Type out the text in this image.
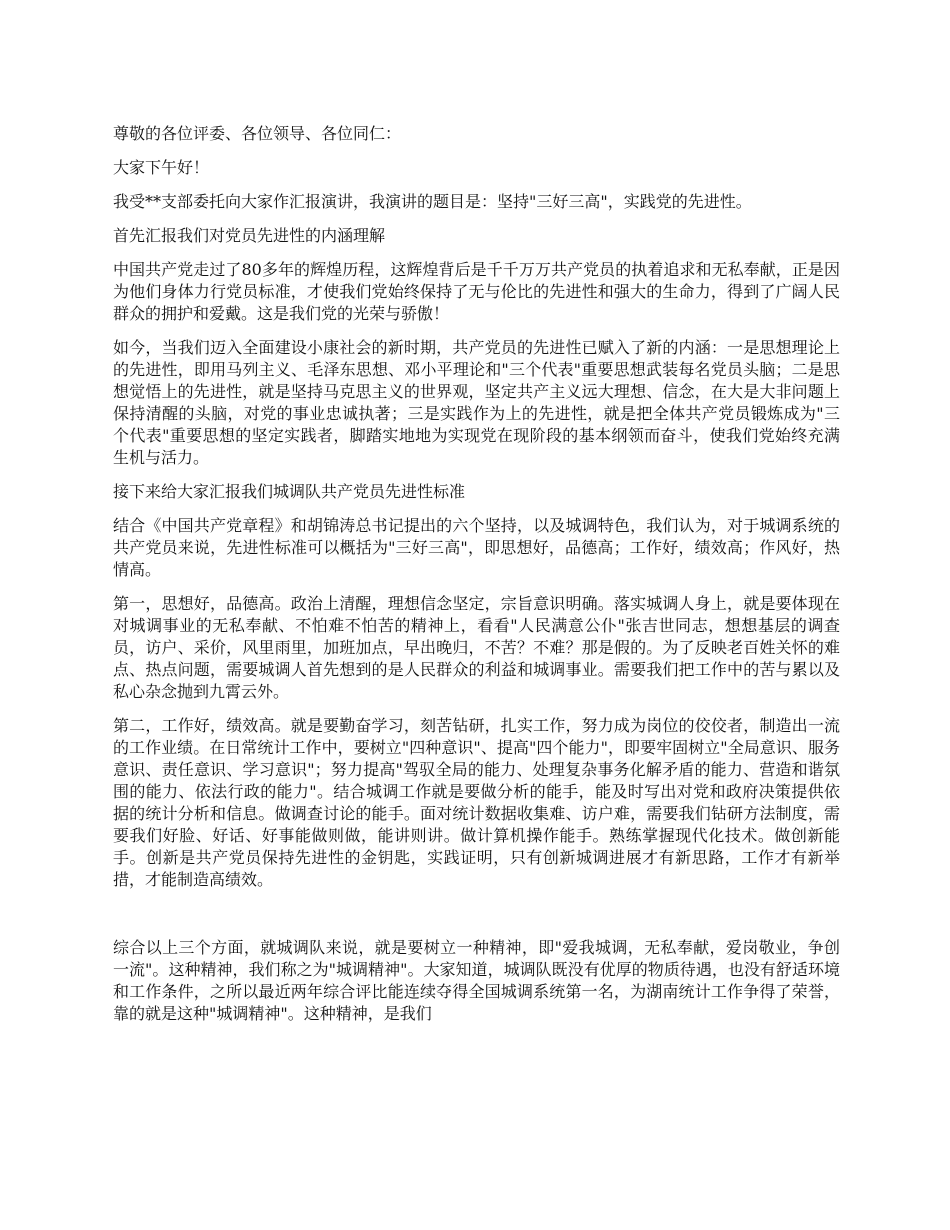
尊敬的各位评委、各位领导、各位同仁：

大家下午好！

我受**支部委托向大家作汇报演讲，我演讲的题目是：坚持"三好三高"，实践党的先进性。

首先汇报我们对党员先进性的内涵理解

中国共产党走过了80多年的辉煌历程，这辉煌背后是千千万万共产党员的执着追求和无私奉献，正是因为他们身体力行党员标准，才使我们党始终保持了无与伦比的先进性和强大的生命力，得到了广阔人民群众的拥护和爱戴。这是我们党的光荣与骄傲！

如今，当我们迈入全面建设小康社会的新时期，共产党员的先进性已赋入了新的内涵：一是思想理论上的先进性，即用马列主义、毛泽东思想、邓小平理论和"三个代表"重要思想武装每名党员头脑；二是思想觉悟上的先进性，就是坚持马克思主义的世界观，坚定共产主义远大理想、信念，在大是大非问题上保持清醒的头脑，对党的事业忠诚执著；三是实践作为上的先进性，就是把全体共产党员锻炼成为"三个代表"重要思想的坚定实践者，脚踏实地地为实现党在现阶段的基本纲领而奋斗，使我们党始终充满生机与活力。

接下来给大家汇报我们城调队共产党员先进性标准

结合《中国共产党章程》和胡锦涛总书记提出的六个坚持，以及城调特色，我们认为，对于城调系统的共产党员来说，先进性标准可以概括为"三好三高"，即思想好，品德高；工作好，绩效高；作风好，热情高。

第一，思想好，品德高。政治上清醒，理想信念坚定，宗旨意识明确。落实城调人身上，就是要体现在对城调事业的无私奉献、不怕难不怕苦的精神上，看看"人民满意公仆"张吉世同志，想想基层的调查员，访户、采价，风里雨里，加班加点，早出晚归，不苦？不难？那是假的。为了反映老百姓关怀的难点、热点问题，需要城调人首先想到的是人民群众的利益和城调事业。需要我们把工作中的苦与累以及私心杂念抛到九霄云外。

第二，工作好，绩效高。就是要勤奋学习，刻苦钻研，扎实工作，努力成为岗位的佼佼者，制造出一流的工作业绩。在日常统计工作中，要树立"四种意识"、提高"四个能力"，即要牢固树立"全局意识、服务意识、责任意识、学习意识"；努力提高"驾驭全局的能力、处理复杂事务化解矛盾的能力、营造和谐氛围的能力、依法行政的能力"。结合城调工作就是要做分析的能手，能及时写出对党和政府决策提供依据的统计分析和信息。做调查讨论的能手。面对统计数据收集难、访户难，需要我们钻研方法制度，需要我们好脸、好话、好事能做则做，能讲则讲。做计算机操作能手。熟练掌握现代化技术。做创新能手。创新是共产党员保持先进性的金钥匙，实践证明，只有创新城调进展才有新思路，工作才有新举措，才能制造高绩效。

综合以上三个方面，就城调队来说，就是要树立一种精神，即"爱我城调，无私奉献，爱岗敬业，争创一流"。这种精神，我们称之为"城调精神"。大家知道，城调队既没有优厚的物质待遇，也没有舒适环境和工作条件，之所以最近两年综合评比能连续夺得全国城调系统第一名，为湖南统计工作争得了荣誉，靠的就是这种"城调精神"。这种精神，是我们
